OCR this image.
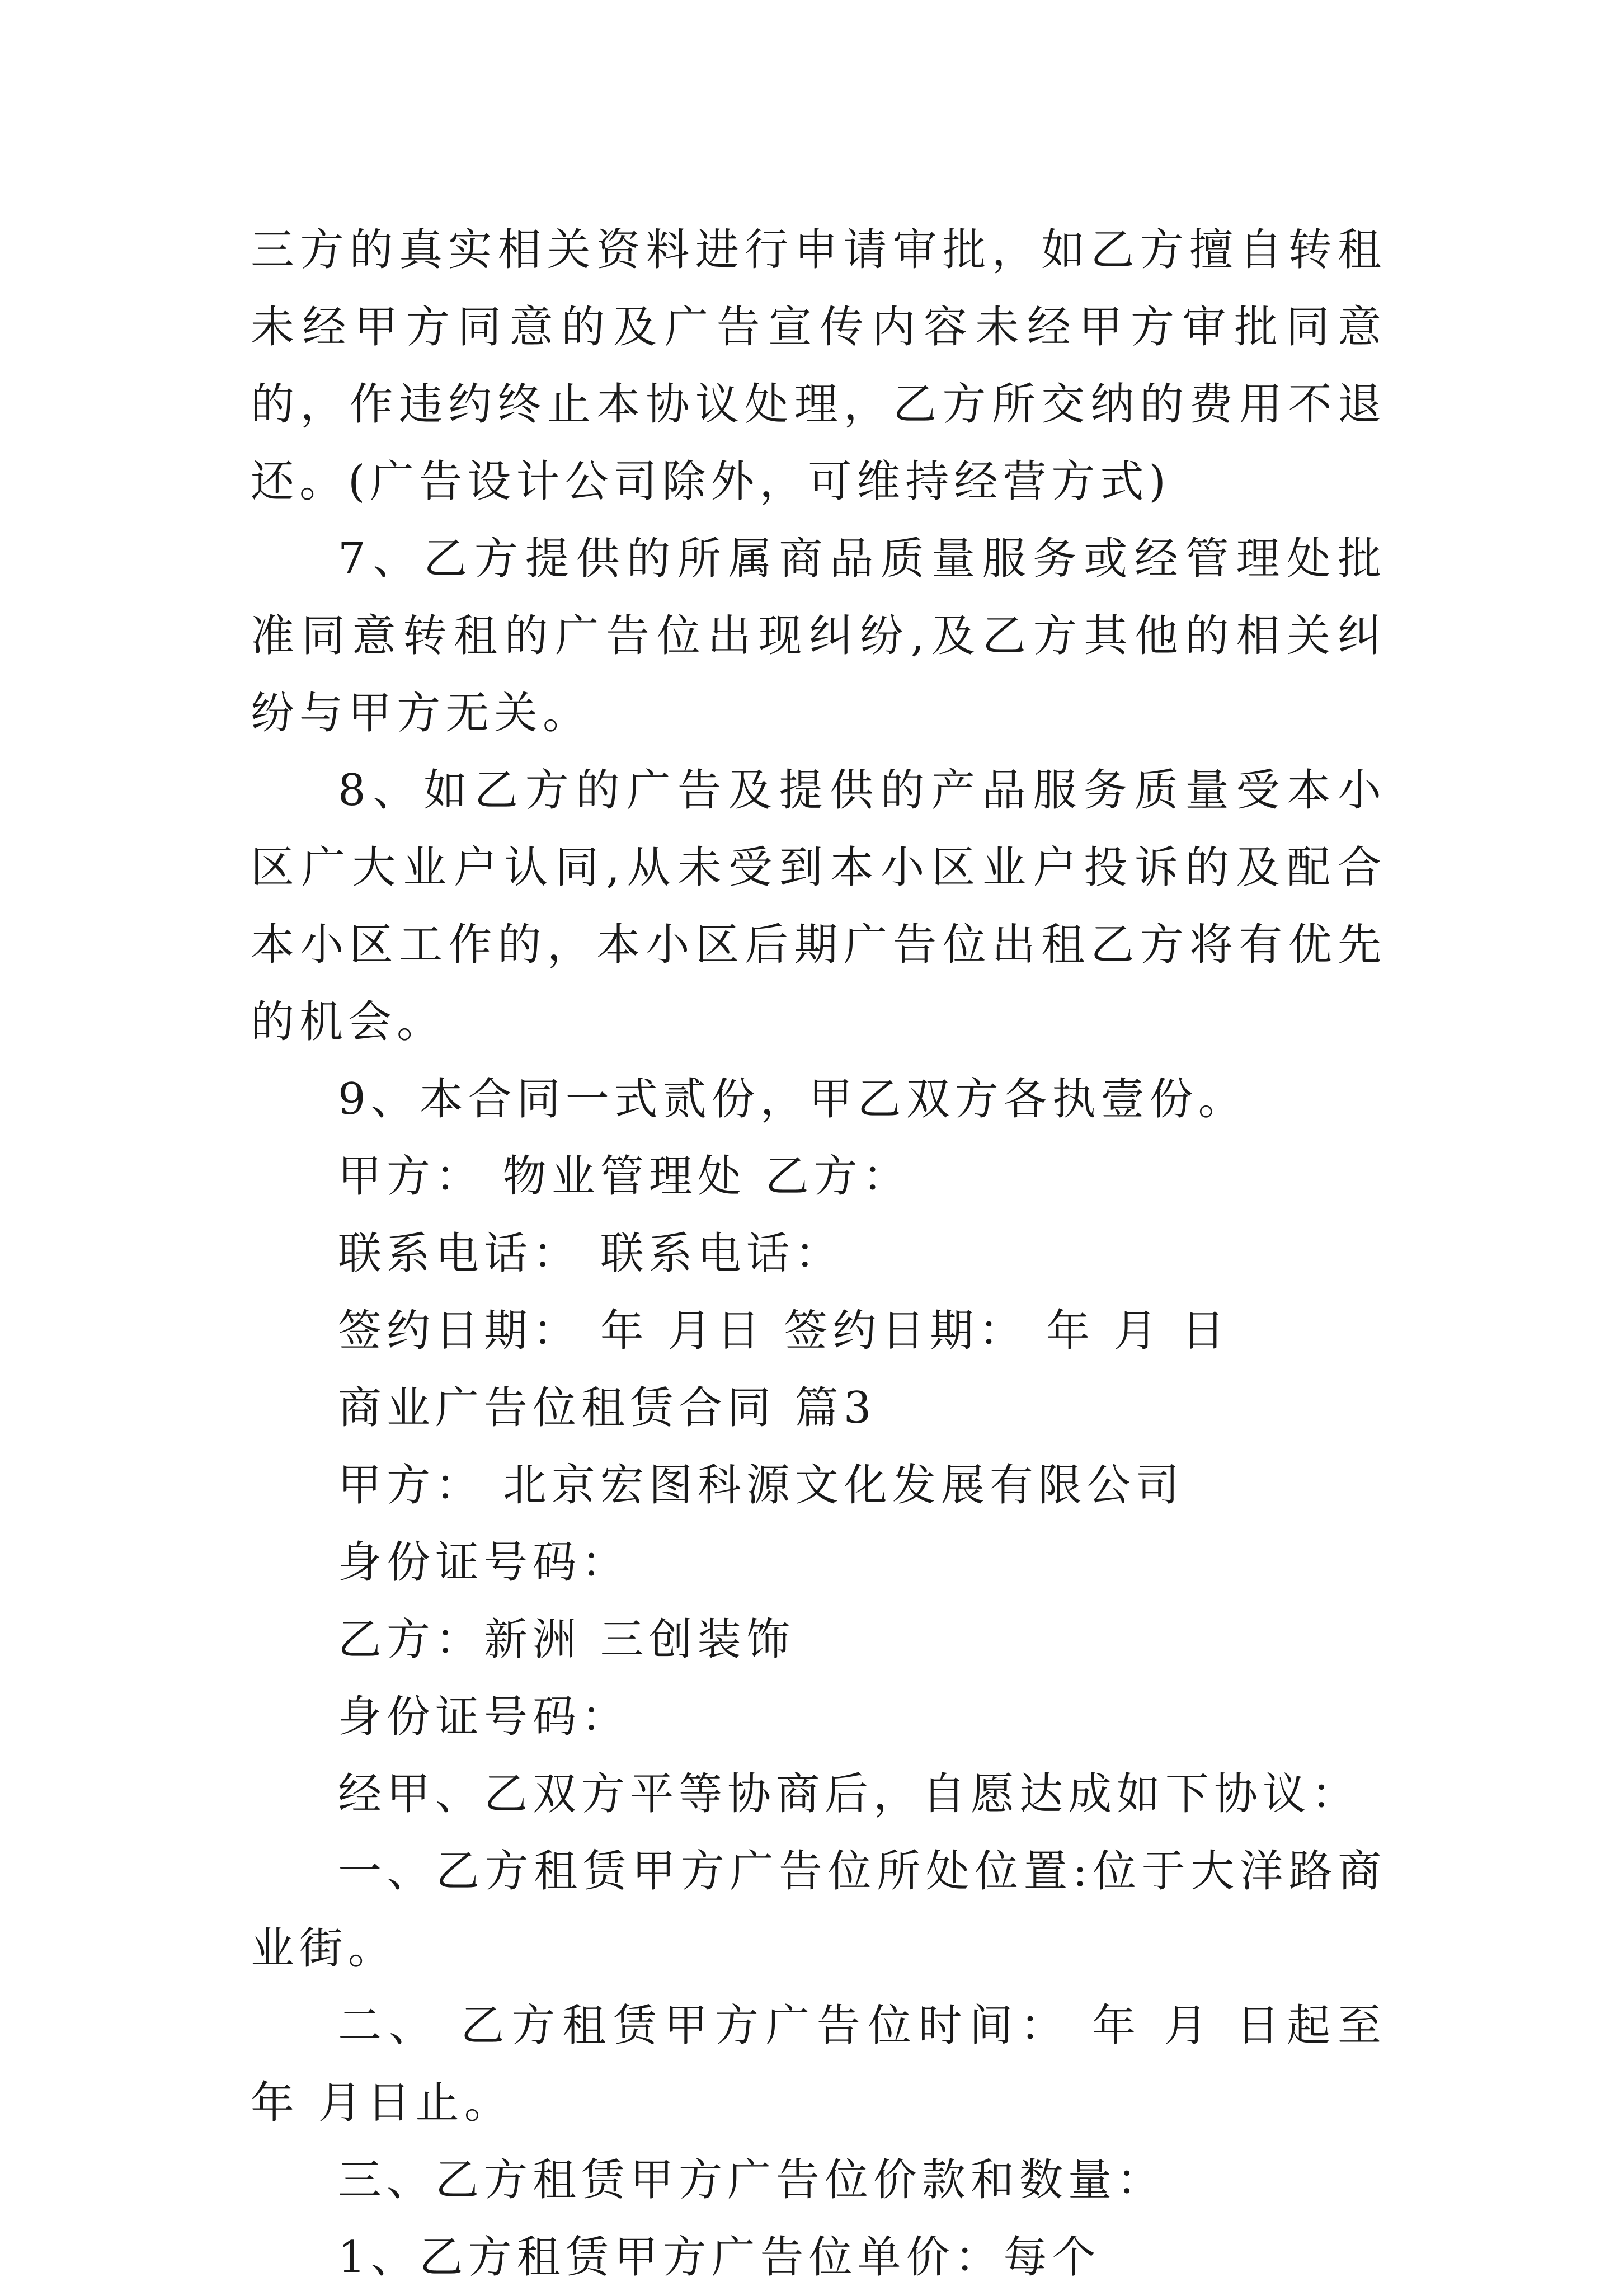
三方的真实相关资料进行申请审批，如乙方擅自转租未经甲方同意的及广告宣传内容未经甲方审批同意的，作违约终止本协议处理，乙方所交纳的费用不退还。(广告设计公司除外，可维持经营方式)

7、乙方提供的所属商品质量服务或经管理处批准同意转租的广告位出现纠纷,及乙方其他的相关纠纷与甲方无关。

8、如乙方的广告及提供的产品服务质量受本小区广大业户认同,从未受到本小区业户投诉的及配合本小区工作的，本小区后期广告位出租乙方将有优先的机会。

9、本合同一式贰份，甲乙双方各执壹份。

甲方： 物业管理处 乙方：

联系电话： 联系电话：

签约日期： 年 月日 签约日期： 年 月 日

商业广告位租赁合同 篇3

甲方： 北京宏图科源文化发展有限公司

身份证号码：

乙方：新洲 三创装饰

身份证号码：

经甲、乙双方平等协商后，自愿达成如下协议：

一、乙方租赁甲方广告位所处位置:位于大洋路商业街。

二、 乙方租赁甲方广告位时间： 年 月 日起至 年 月日止。

三、乙方租赁甲方广告位价款和数量：

1、乙方租赁甲方广告位单价：每个
